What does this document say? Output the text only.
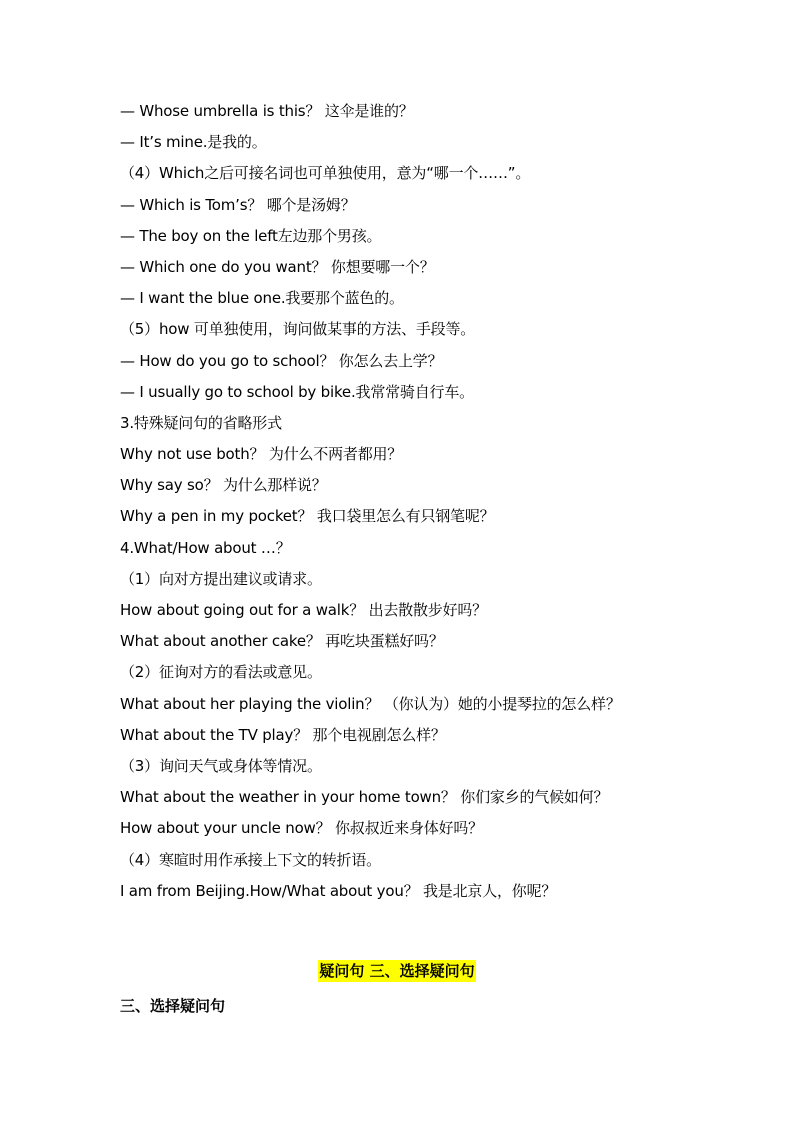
— Whose umbrella is this？ 这伞是谁的？
— It’s mine.是我的。
（4）Which之后可接名词也可单独使用，意为“哪一个……”。
— Which is Tom’s？ 哪个是汤姆？
— The boy on the left左边那个男孩。
— Which one do you want？ 你想要哪一个？
— I want the blue one.我要那个蓝色的。
（5）how 可单独使用，询问做某事的方法、手段等。
— How do you go to school？ 你怎么去上学？
— I usually go to school by bike.我常常骑自行车。
3.特殊疑问句的省略形式
Why not use both？ 为什么不两者都用？
Why say so？ 为什么那样说？
Why a pen in my pocket？ 我口袋里怎么有只钢笔呢？
4.What/How about …？
（1）向对方提出建议或请求。
How about going out for a walk？ 出去散散步好吗？
What about another cake？ 再吃块蛋糕好吗？
（2）征询对方的看法或意见。
What about her playing the violin？ （你认为）她的小提琴拉的怎么样？
What about the TV play？ 那个电视剧怎么样？
（3）询问天气或身体等情况。
What about the weather in your home town？ 你们家乡的气候如何？
How about your uncle now？ 你叔叔近来身体好吗？
（4）寒暄时用作承接上下文的转折语。
I am from Beijing.How/What about you？ 我是北京人，你呢？
疑问句 三、选择疑问句
三、选择疑问句
